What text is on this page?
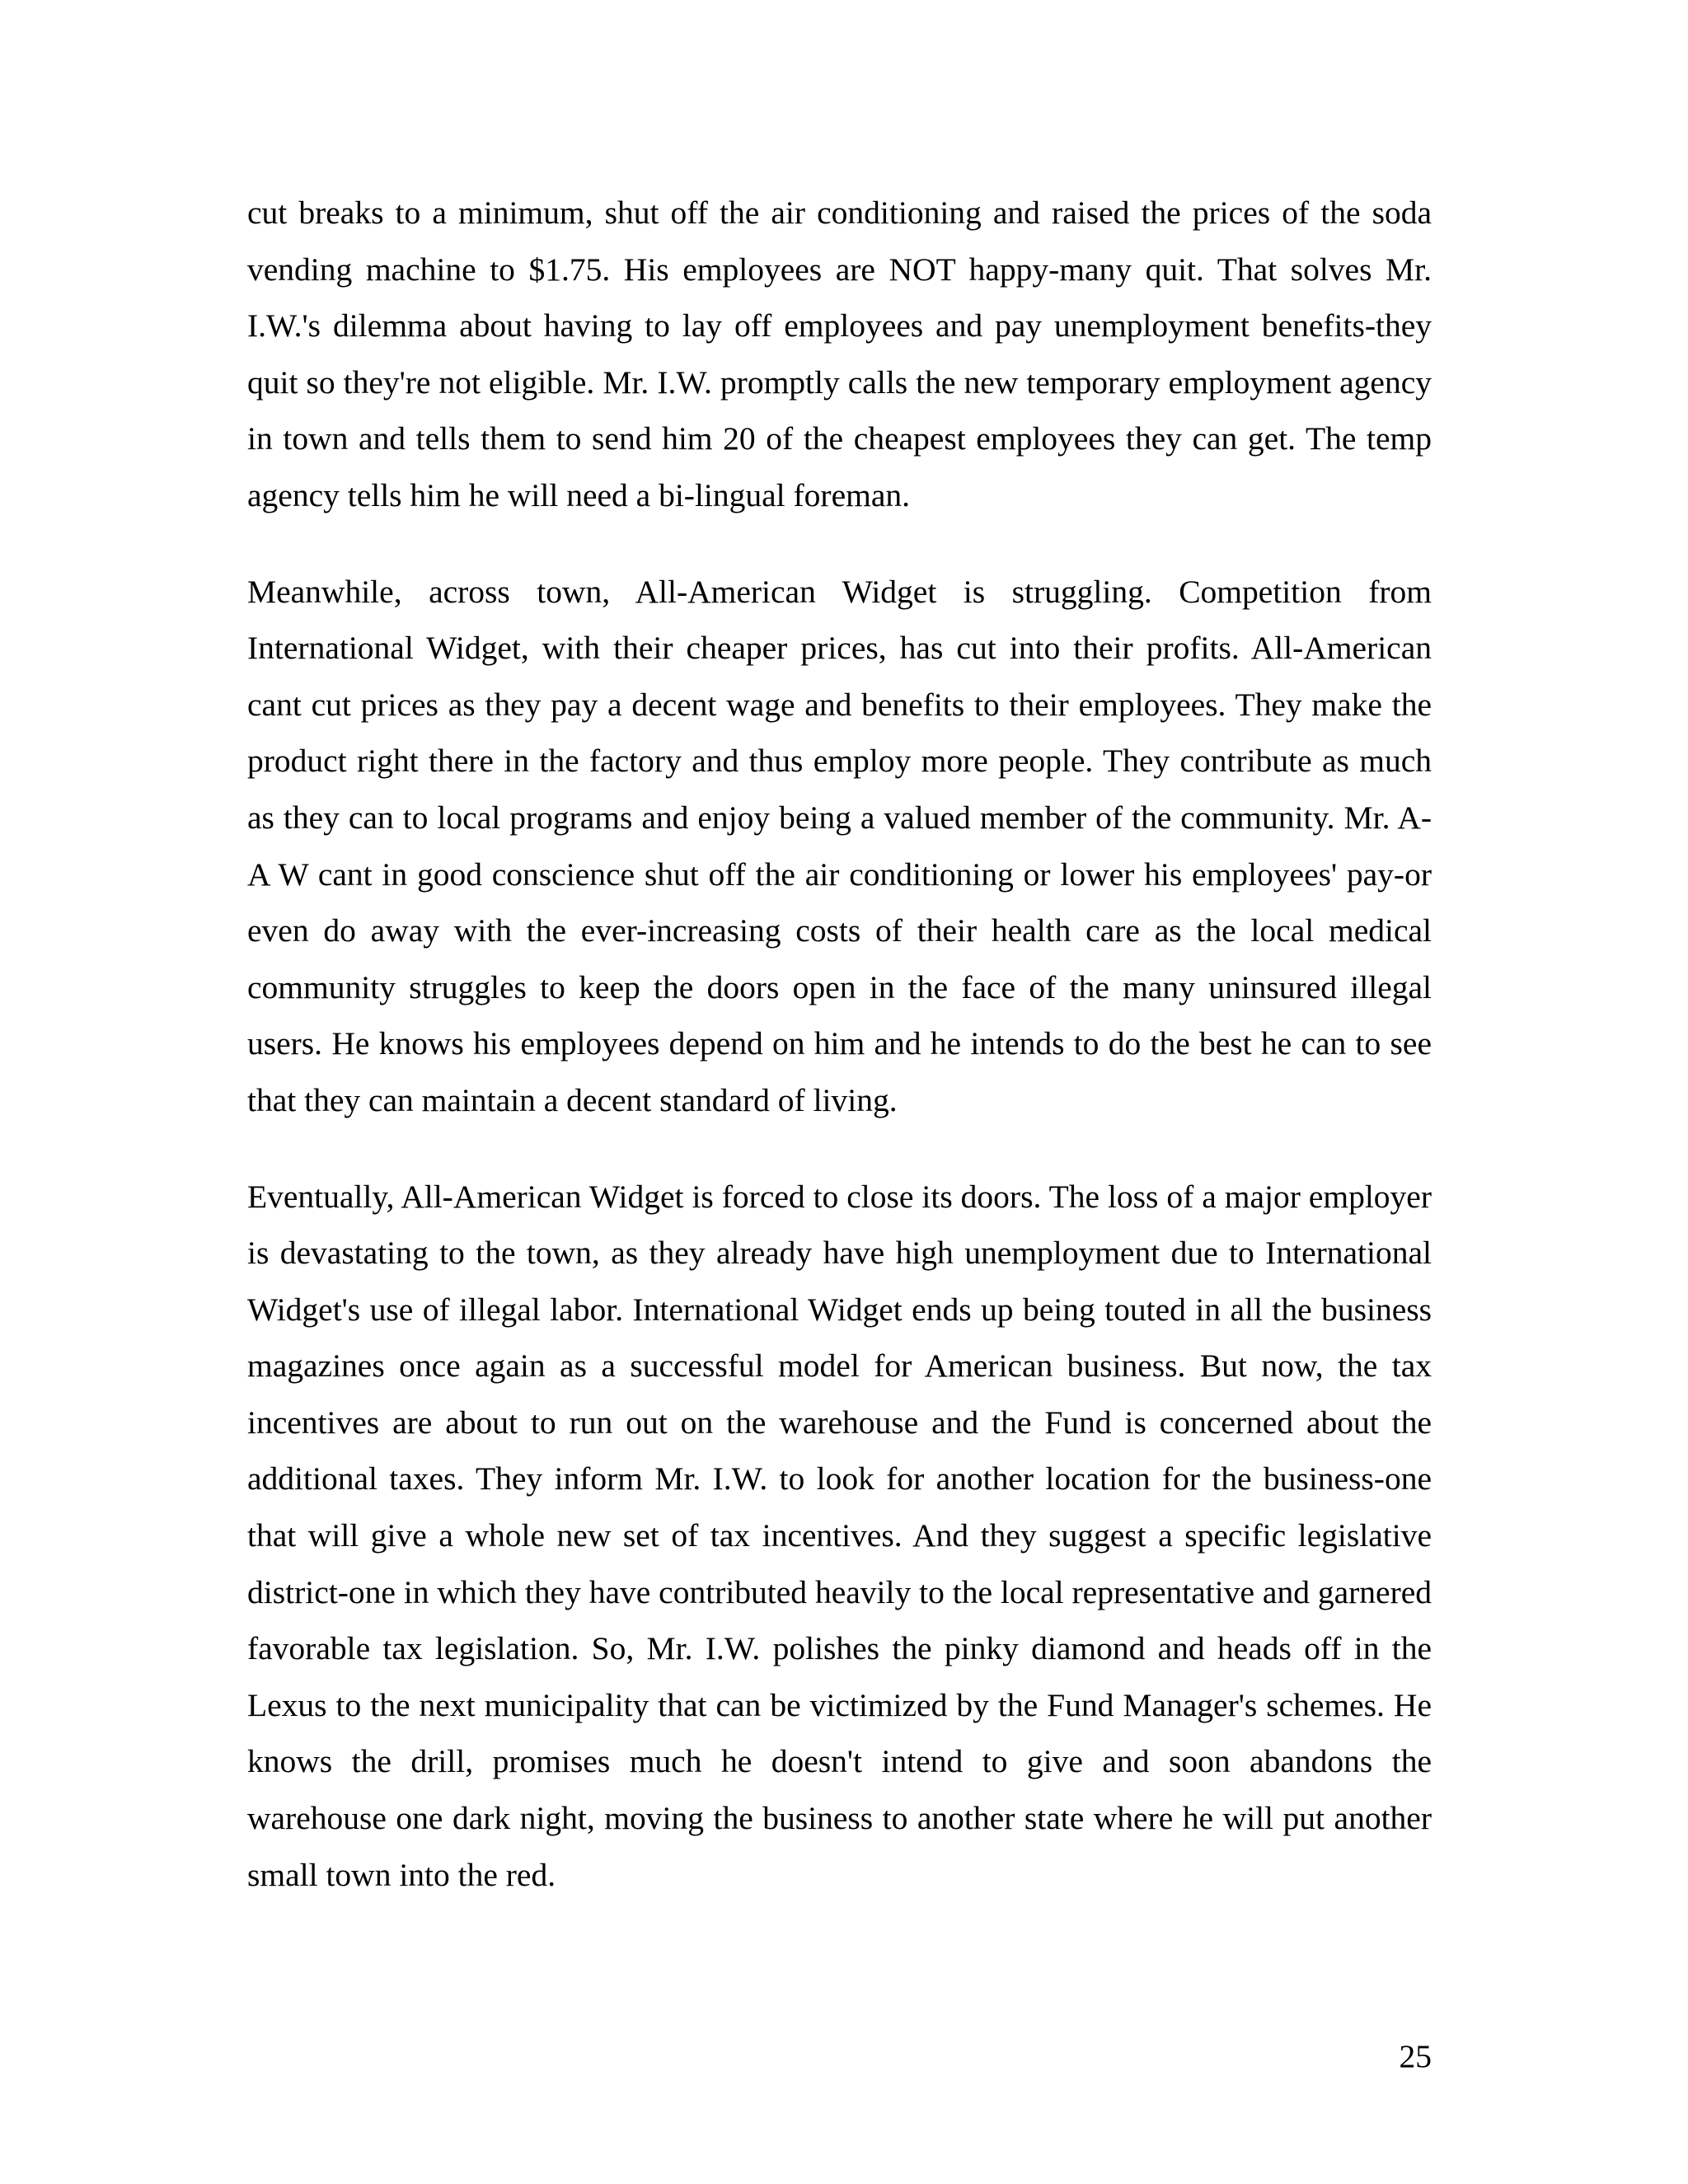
cut breaks to a minimum, shut off the air conditioning and raised the prices of the soda vending machine to $1.75. His employees are NOT happy-many quit. That solves Mr. I.W.'s dilemma about having to lay off employees and pay unemployment benefits-they quit so they're not eligible. Mr. I.W. promptly calls the new temporary employment agency in town and tells them to send him 20 of the cheapest employees they can get. The temp agency tells him he will need a bi-lingual foreman.

Meanwhile, across town, All-American Widget is struggling. Competition from International Widget, with their cheaper prices, has cut into their profits. All-American cant cut prices as they pay a decent wage and benefits to their employees. They make the product right there in the factory and thus employ more people. They contribute as much as they can to local programs and enjoy being a valued member of the community. Mr. A-A W cant in good conscience shut off the air conditioning or lower his employees' pay-or even do away with the ever-increasing costs of their health care as the local medical community struggles to keep the doors open in the face of the many uninsured illegal users. He knows his employees depend on him and he intends to do the best he can to see that they can maintain a decent standard of living.

Eventually, All-American Widget is forced to close its doors. The loss of a major employer is devastating to the town, as they already have high unemployment due to International Widget's use of illegal labor. International Widget ends up being touted in all the business magazines once again as a successful model for American business. But now, the tax incentives are about to run out on the warehouse and the Fund is concerned about the additional taxes. They inform Mr. I.W. to look for another location for the business-one that will give a whole new set of tax incentives. And they suggest a specific legislative district-one in which they have contributed heavily to the local representative and garnered favorable tax legislation. So, Mr. I.W. polishes the pinky diamond and heads off in the Lexus to the next municipality that can be victimized by the Fund Manager's schemes. He knows the drill, promises much he doesn't intend to give and soon abandons the warehouse one dark night, moving the business to another state where he will put another small town into the red.

25
